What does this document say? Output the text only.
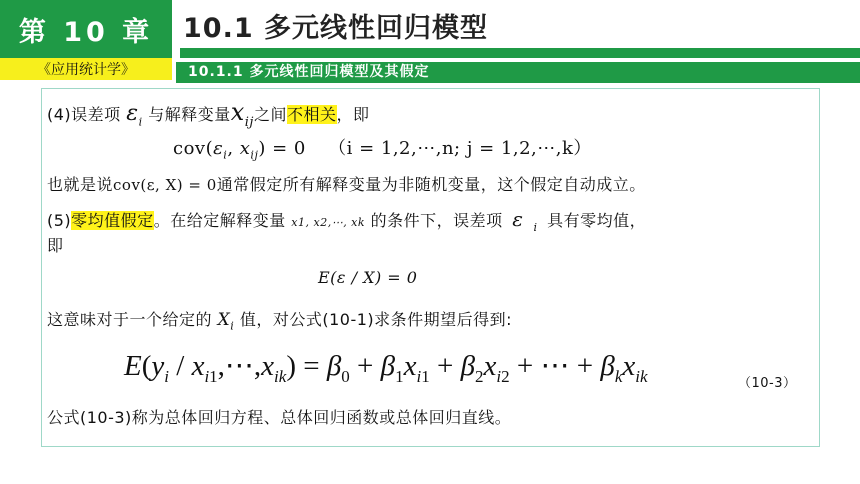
第 10 章	10.1 多元线性回归模型
《应用统计学》	10.1.1 多元线性回归模型及其假定
(4)误差项 $\varepsilon_i$ 与解释变量$x_{ij}$之间不相关，即
$cov(\varepsilon_i$, $x_{ij}) = 0$ （i = 1,2,⋯,n; j = 1,2,⋯,k）
也就是说cov(ε, X) = 0通常假定所有解释变量为非随机变量，这个假定自动成立。
(5)零均值假定。在给定解释变量 x1, x2,⋯, xk 的条件下，误差项 ε $_i$ 具有零均值，
即
E(ε / X) = 0
这意味对于一个给定的 $X_i$ 值，对公式(10-1)求条件期望后得到:
$E(y_i$ / $x_{i1},\cdots,x_{ik}) = \beta_0 + \beta_1x_{i1} + \beta_2x_{i2}$ + ⋯ + $\beta_kx_{ik}$	（10-3）
公式(10-3)称为总体回归方程、总体回归函数或总体回归直线。
